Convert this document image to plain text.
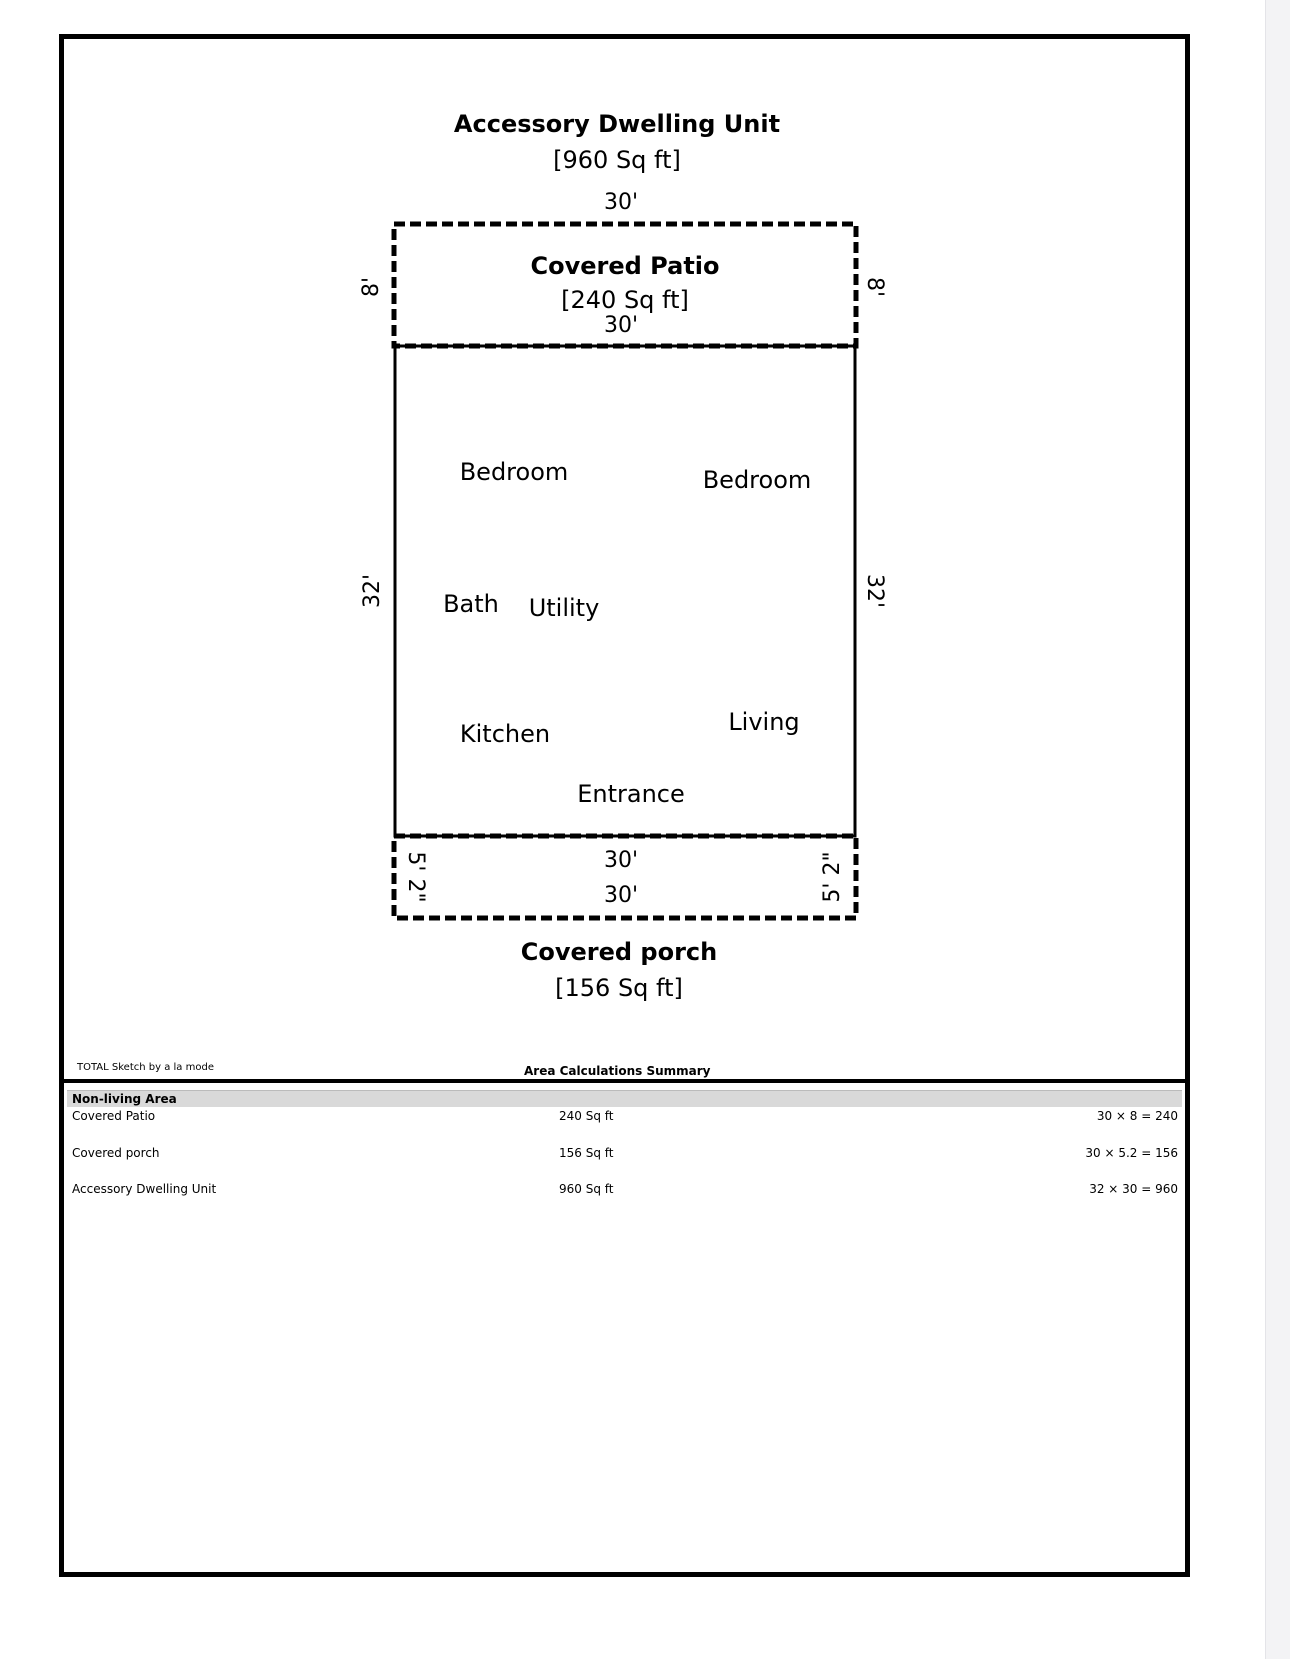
Accessory Dwelling Unit
[960 Sq ft]
30'
Covered Patio
[240 Sq ft]
30'
8'	8'
32'	32'
Bedroom	Bedroom
Bath Utility
Kitchen	Living
Entrance
30'
30'
5' 2"	5' 2"
Covered porch
[156 Sq ft]
TOTAL Sketch by a la mode	Area Calculations Summary
Non-living Area
Covered Patio	240 Sq ft	30 × 8 = 240
Covered porch	156 Sq ft	30 × 5.2 = 156
Accessory Dwelling Unit	960 Sq ft	32 × 30 = 960
